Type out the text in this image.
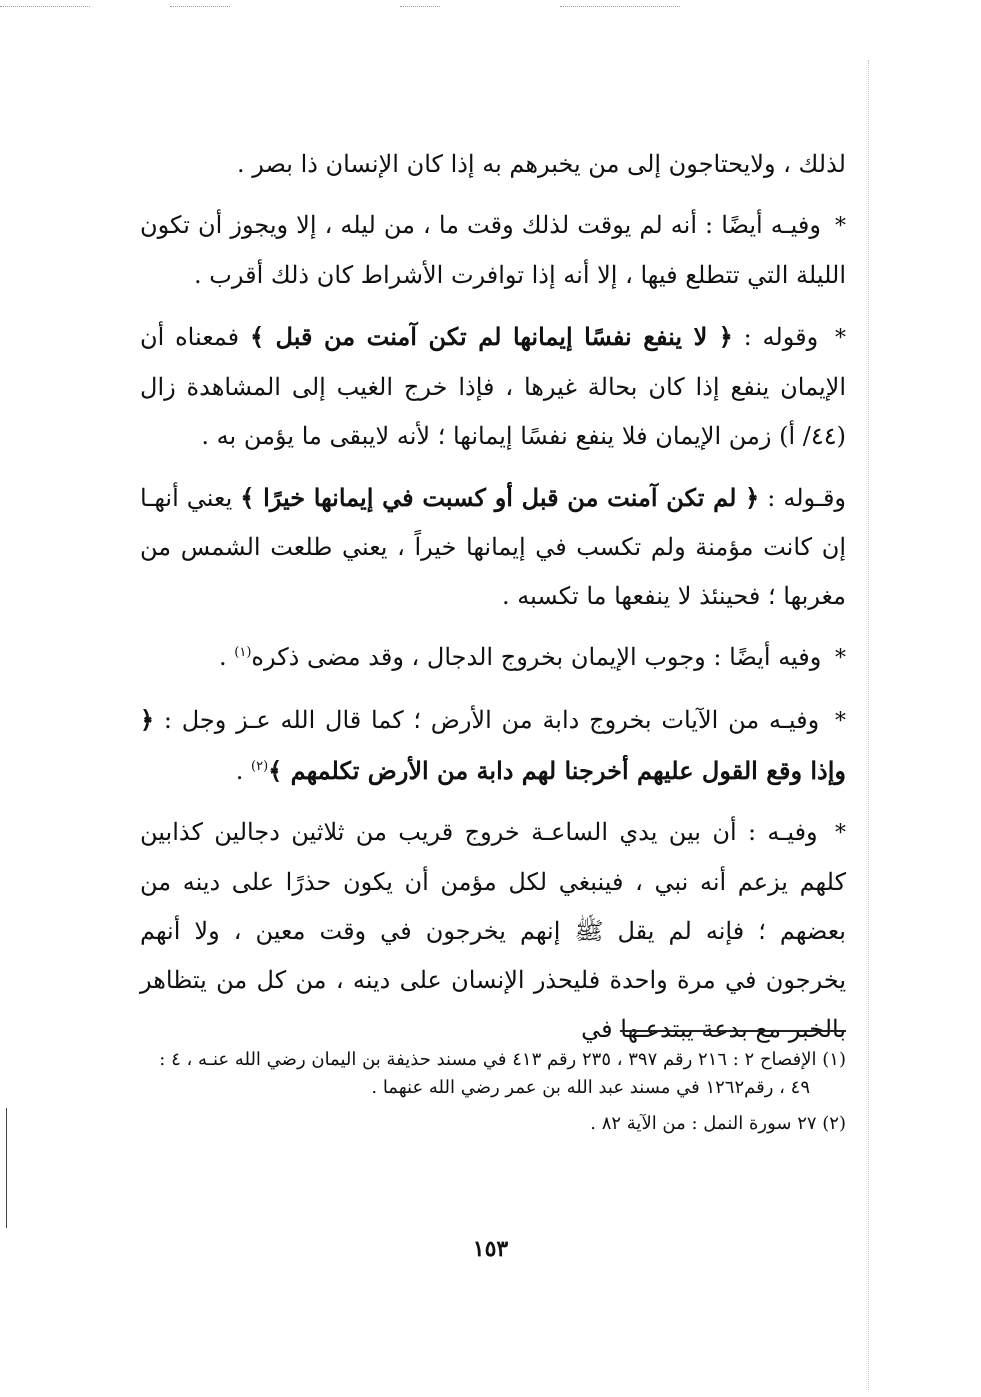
لذلك ، ولايحتاجون إلى من يخبرهم به إذا كان الإنسان ذا بصر .

* وفيـه أيضًا : أنه لم يوقت لذلك وقت ما ، من ليله ، إلا ويجوز أن تكون الليلة التي تتطلع فيها ، إلا أنه إذا توافرت الأشراط كان ذلك أقرب .

* وقوله : ﴿ لا ينفع نفسًا إيمانها لم تكن آمنت من قبل ﴾ فمعناه أن الإيمان ينفع إذا كان بحالة غيرها ، فإذا خرج الغيب إلى المشاهدة زال (٤٤/ أ) زمن الإيمان فلا ينفع نفسًا إيمانها ؛ لأنه لايبقى ما يؤمن به .

وقـوله : ﴿ لم تكن آمنت من قبل أو كسبت في إيمانها خيرًا ﴾ يعني أنهـا إن كانت مؤمنة ولم تكسب في إيمانها خيراً ، يعني طلعت الشمس من مغربها ؛ فحينئذ لا ينفعها ما تكسبه .

* وفيه أيضًا : وجوب الإيمان بخروج الدجال ، وقد مضى ذكره$^{(١)}$ .

* وفيـه من الآيات بخروج دابة من الأرض ؛ كما قال الله عـز وجل : ﴿ وإذا وقع القول عليهم أخرجنا لهم دابة من الأرض تكلمهم ﴾$^{(٢)}$ .

* وفيـه : أن بين يدي الساعـة خروج قريب من ثلاثين دجالين كذابين كلهم يزعم أنه نبي ، فينبغي لكل مؤمن أن يكون حذرًا على دينه من بعضهم ؛ فإنه لم يقل ﷺ إنهم يخرجون في وقت معين ، ولا أنهم يخرجون في مرة واحدة فليحذر الإنسان على دينه ، من كل من يتظاهر بالخبر مع بدعة يبتدعـها في

(١) الإفصاح ٢ : ٢١٦ رقم ٣٩٧ ، ٢٣٥ رقم ٤١٣ في مسند حذيفة بن اليمان رضي الله عنـه ، ٤ :
٤٩ ، رقم١٢٦٢ في مسند عبد الله بن عمر رضي الله عنهما .

(٢) ٢٧ سورة النمل : من الآية ٨٢ .

١٥٣
